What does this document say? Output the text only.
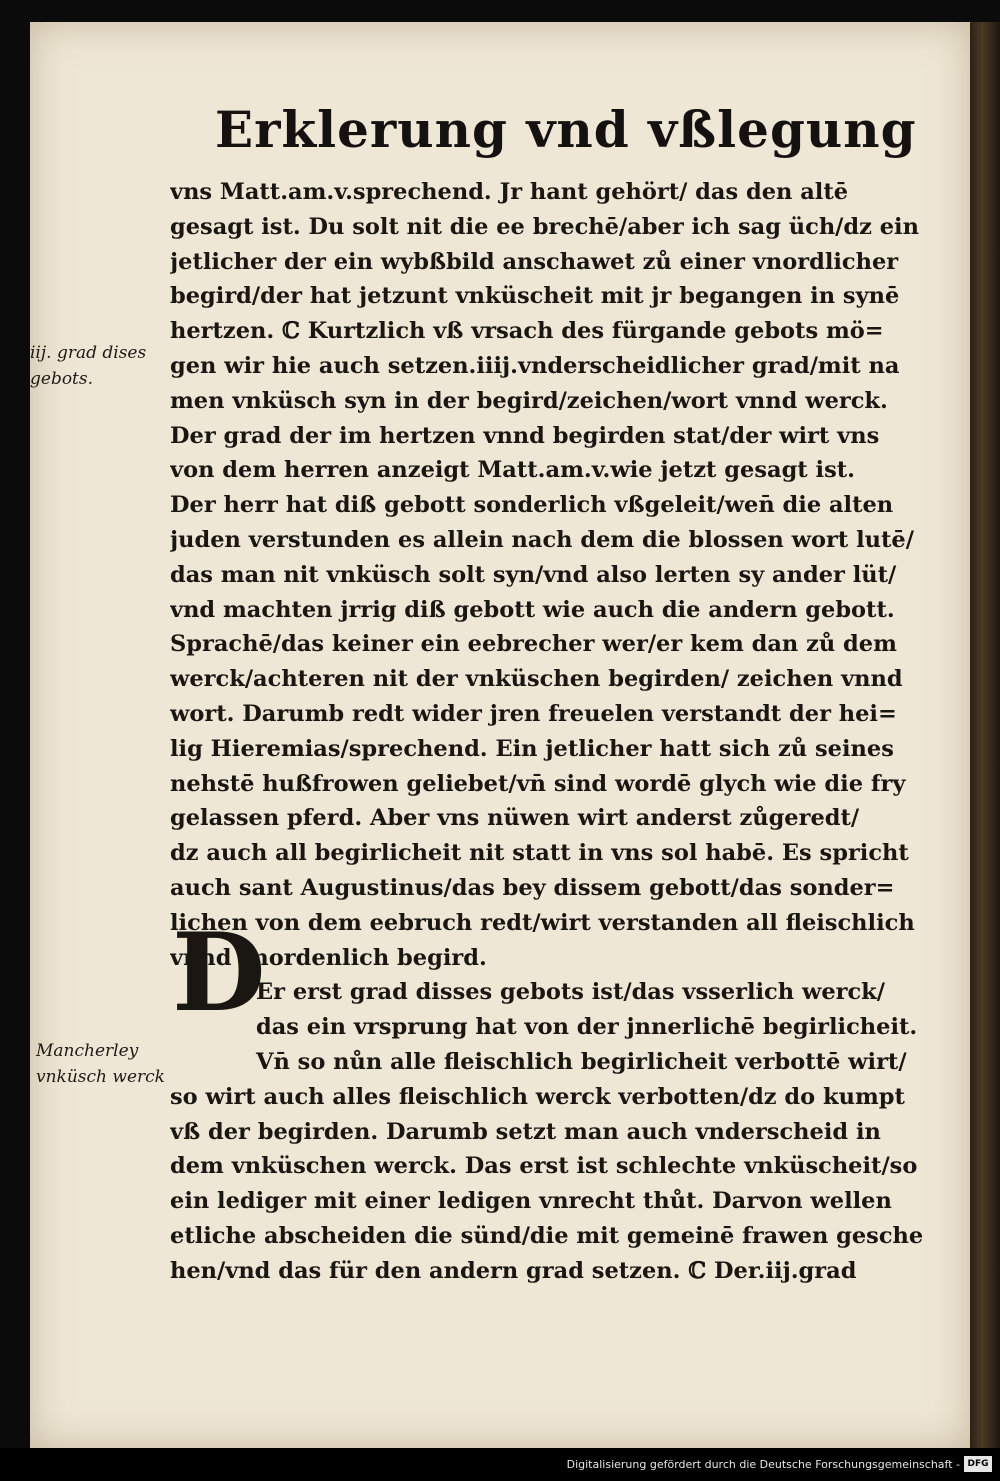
Erklerung vnd vßlegung
iij. grad dises
gebots.
Mancherley
vnküsch werck
vns Matt.am.v.sprechend. Jr hant gehört/ das den altē
gesagt ist. Du solt nit die ee brechē/aber ich sag üch/dz ein
jetlicher der ein wybßbild anschawet zů einer vnordlicher
begird/der hat jetzunt vnküscheit mit jr begangen in synē
hertzen. ℂ Kurtzlich vß vrsach des fürgande gebots mö=
gen wir hie auch setzen.iiij.vnderscheidlicher grad/mit na
men vnküsch syn in der begird/zeichen/wort vnnd werck.
Der grad der im hertzen vnnd begirden stat/der wirt vns
von dem herren anzeigt Matt.am.v.wie jetzt gesagt ist.
Der herr hat diß gebott sonderlich vßgeleit/wen̄ die alten
juden verstunden es allein nach dem die blossen wort lutē/
das man nit vnküsch solt syn/vnd also lerten sy ander lüt/
vnd machten jrrig diß gebott wie auch die andern gebott.
Sprachē/das keiner ein eebrecher wer/er kem dan zů dem
werck/achteren nit der vnküschen begirden/ zeichen vnnd
wort. Darumb redt wider jren freuelen verstandt der hei=
lig Hieremias/sprechend. Ein jetlicher hatt sich zů seines
nehstē hußfrowen geliebet/vn̄ sind wordē glych wie die fry
gelassen pferd. Aber vns nüwen wirt anderst zůgeredt/
dz auch all begirlicheit nit statt in vns sol habē. Es spricht
auch sant Augustinus/das bey dissem gebott/das sonder=
lichen von dem eebruch redt/wirt verstanden all fleischlich
vnnd vnordenlich begird.
Er erst grad disses gebots ist/das vsserlich werck/
das ein vrsprung hat von der jnnerlichē begirlicheit.
Vn̄ so nůn alle fleischlich begirlicheit verbottē wirt/
so wirt auch alles fleischlich werck verbotten/dz do kumpt
vß der begirden. Darumb setzt man auch vnderscheid in
dem vnküschen werck. Das erst ist schlechte vnküscheit/so
ein lediger mit einer ledigen vnrecht thůt. Darvon wellen
etliche abscheiden die sünd/die mit gemeinē frawen gesche
hen/vnd das für den andern grad setzen. ℂ Der.iij.grad
D
Digitalisierung gefördert durch die Deutsche Forschungsgemeinschaft - DFG
